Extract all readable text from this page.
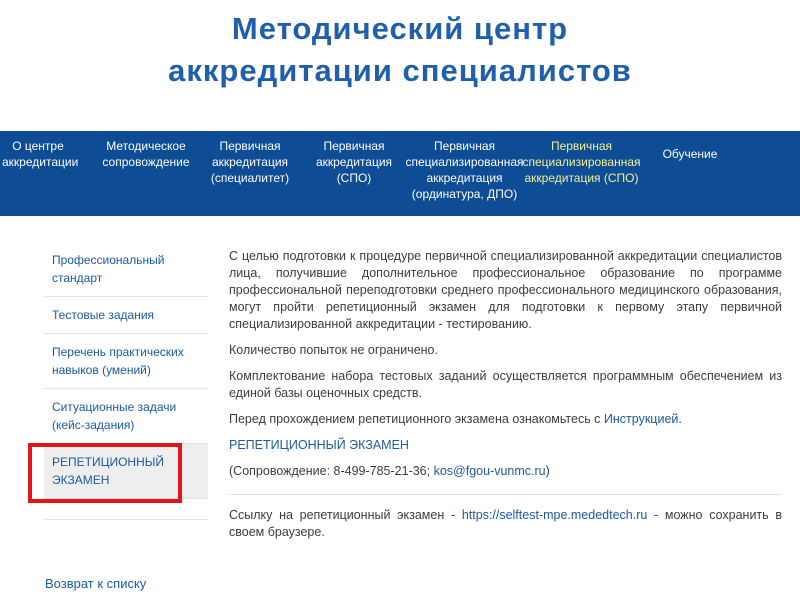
Методический центр
аккредитации специалистов
О центре
аккредитации
Методическое
сопровождение
Первичная
аккредитация
(специалитет)
Первичная
аккредитация
(СПО)
Первичная
специализированная
аккредитация
(ординатура, ДПО)
Первичная
специализированная
аккредитация (СПО)
Обучение
Профессиональный
стандарт
Тестовые задания
Перечень практических
навыков (умений)
Ситуационные задачи
(кейс-задания)
РЕПЕТИЦИОННЫЙ
ЭКЗАМЕН
Возврат к списку

С целью подготовки к процедуре первичной специализированной аккредитации специалистов лица, получившие дополнительное профессиональное образование по программе профессиональной переподготовки среднего профессионального медицинского образования, могут пройти репетиционный экзамен для подготовки к первому этапу первичной специализированной аккредитации - тестированию.

Количество попыток не ограничено.

Комплектование набора тестовых заданий осуществляется программным обеспечением из единой базы оценочных средств.

Перед прохождением репетиционного экзамена ознакомьтесь с Инструкцией.

РЕПЕТИЦИОННЫЙ ЭКЗАМЕН

(Сопровождение: 8-499-785-21-36; kos@fgou-vunmc.ru)

Ссылку на репетиционный экзамен - https://selftest-mpe.mededtech.ru - можно сохранить в своем браузере.
